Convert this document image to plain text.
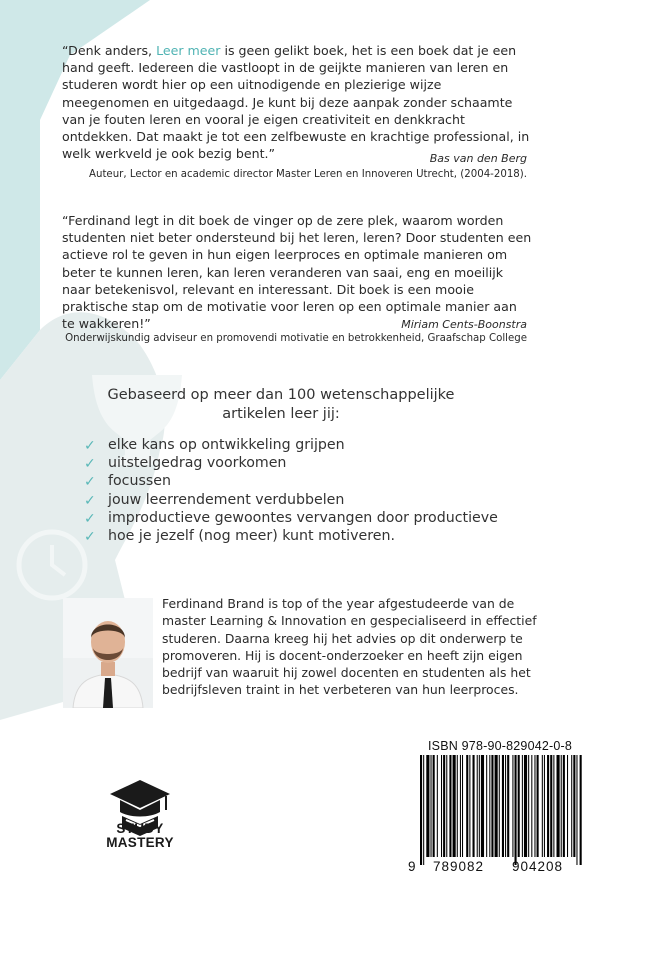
“Denk anders, Leer meer is geen gelikt boek, het is een boek dat je een hand geeft. Iedereen die vastloopt in de geijkte manieren van leren en studeren wordt hier op een uitnodigende en plezierige wijze meegenomen en uitgedaagd. Je kunt bij deze aanpak zonder schaamte van je fouten leren en vooral je eigen creativiteit en denkkracht ontdekken. Dat maakt je tot een zelfbewuste en krachtige professional, in welk werkveld je ook bezig bent.”	Bas van den Berg
Auteur, Lector en academic director Master Leren en Innoveren Utrecht, (2004-2018).
“Ferdinand legt in dit boek de vinger op de zere plek, waarom worden studenten niet beter ondersteund bij het leren, leren? Door studenten een actieve rol te geven in hun eigen leerproces en optimale manieren om beter te kunnen leren, kan leren veranderen van saai, eng en moeilijk naar betekenisvol, relevant en interessant. Dit boek is een mooie praktische stap om de motivatie voor leren op een optimale manier aan te wakkeren!”	Miriam Cents-Boonstra
Onderwijskundig adviseur en promovendi motivatie en betrokkenheid, Graafschap College
Gebaseerd op meer dan 100 wetenschappelijke artikelen leer jij:
✓ elke kans op ontwikkeling grijpen
✓ uitstelgedrag voorkomen
✓ focussen
✓ jouw leerrendement verdubbelen
✓ improductieve gewoontes vervangen door productieve
✓ hoe je jezelf (nog meer) kunt motiveren.
Ferdinand Brand is top of the year afgestudeerde van de master Learning & Innovation en gespecialiseerd in effectief studeren. Daarna kreeg hij het advies op dit onderwerp te promoveren. Hij is docent-onderzoeker en heeft zijn eigen bedrijf van waaruit hij zowel docenten en studenten als het bedrijfsleven traint in het verbeteren van hun leerproces.
ISBN 978-90-829042-0-8
9 789082 904208
STUDY
MASTERY
